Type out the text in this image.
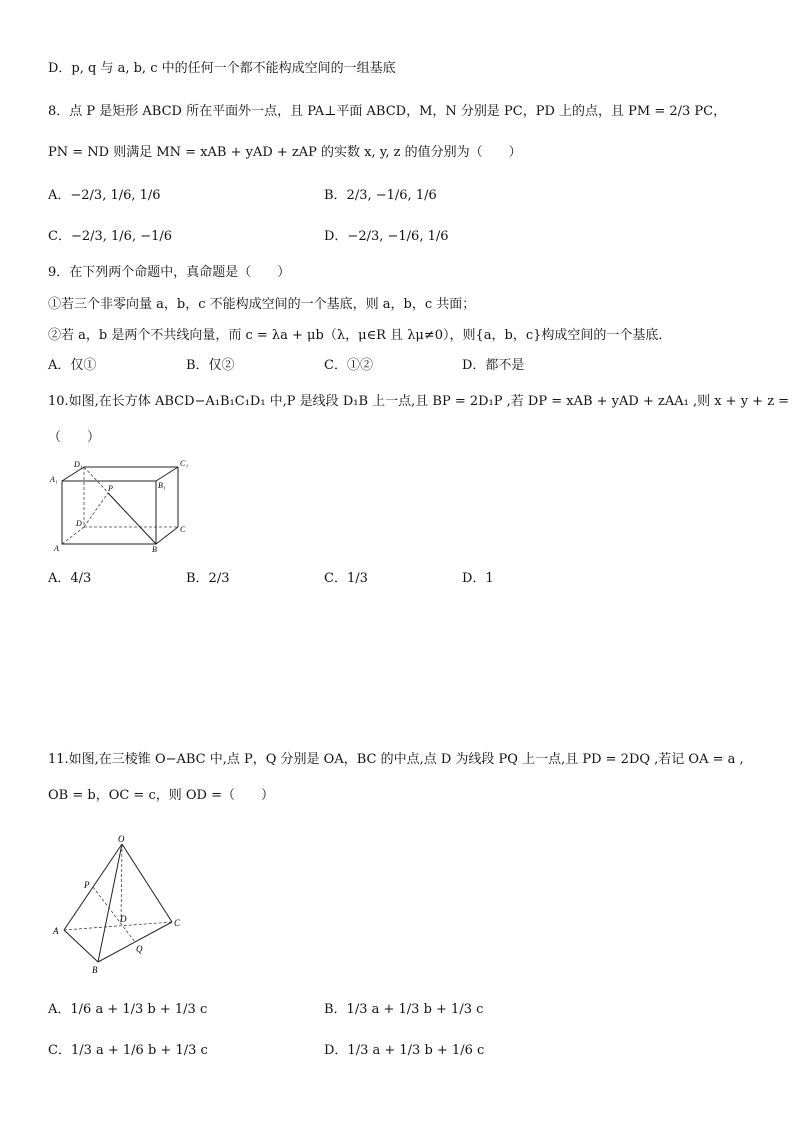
D．p, q 与 a, b, c 中的任何一个都不能构成空间的一组基底
8．点 P 是矩形 ABCD 所在平面外一点，且 PA⊥平面 ABCD，M，N 分别是 PC，PD 上的点，且 PM = 2/3 PC，
PN = ND 则满足 MN = xAB + yAD + zAP 的实数 x, y, z 的值分别为（　　）
A．−2/3, 1/6, 1/6	B．2/3, −1/6, 1/6
C．−2/3, 1/6, −1/6	D．−2/3, −1/6, 1/6
9．在下列两个命题中，真命题是（　　）
①若三个非零向量 a，b，c 不能构成空间的一个基底，则 a，b，c 共面；
②若 a，b 是两个不共线向量，而 c = λa + μb（λ，μ∈R 且 λμ≠0），则{a，b，c}构成空间的一个基底．
A．仅①	B．仅②	C．①②	D．都不是
10.如图,在长方体 ABCD−A₁B₁C₁D₁ 中,P 是线段 D₁B 上一点,且 BP = 2D₁P ,若 DP = xAB + yAD + zAA₁ ,则 x + y + z =
（　　）
D₁	C₁
A₁
B₁
P
D
C
A	B
A．4/3	B．2/3	C．1/3	D．1
11.如图,在三棱锥 O−ABC 中,点 P，Q 分别是 OA，BC 的中点,点 D 为线段 PQ 上一点,且 PD = 2DQ ,若记 OA = a ,
OB = b，OC = c，则 OD =（　　）
O
P
D
A
C
Q
B
A．1/6 a + 1/3 b + 1/3 c	B．1/3 a + 1/3 b + 1/3 c
C．1/3 a + 1/6 b + 1/3 c	D．1/3 a + 1/3 b + 1/6 c
